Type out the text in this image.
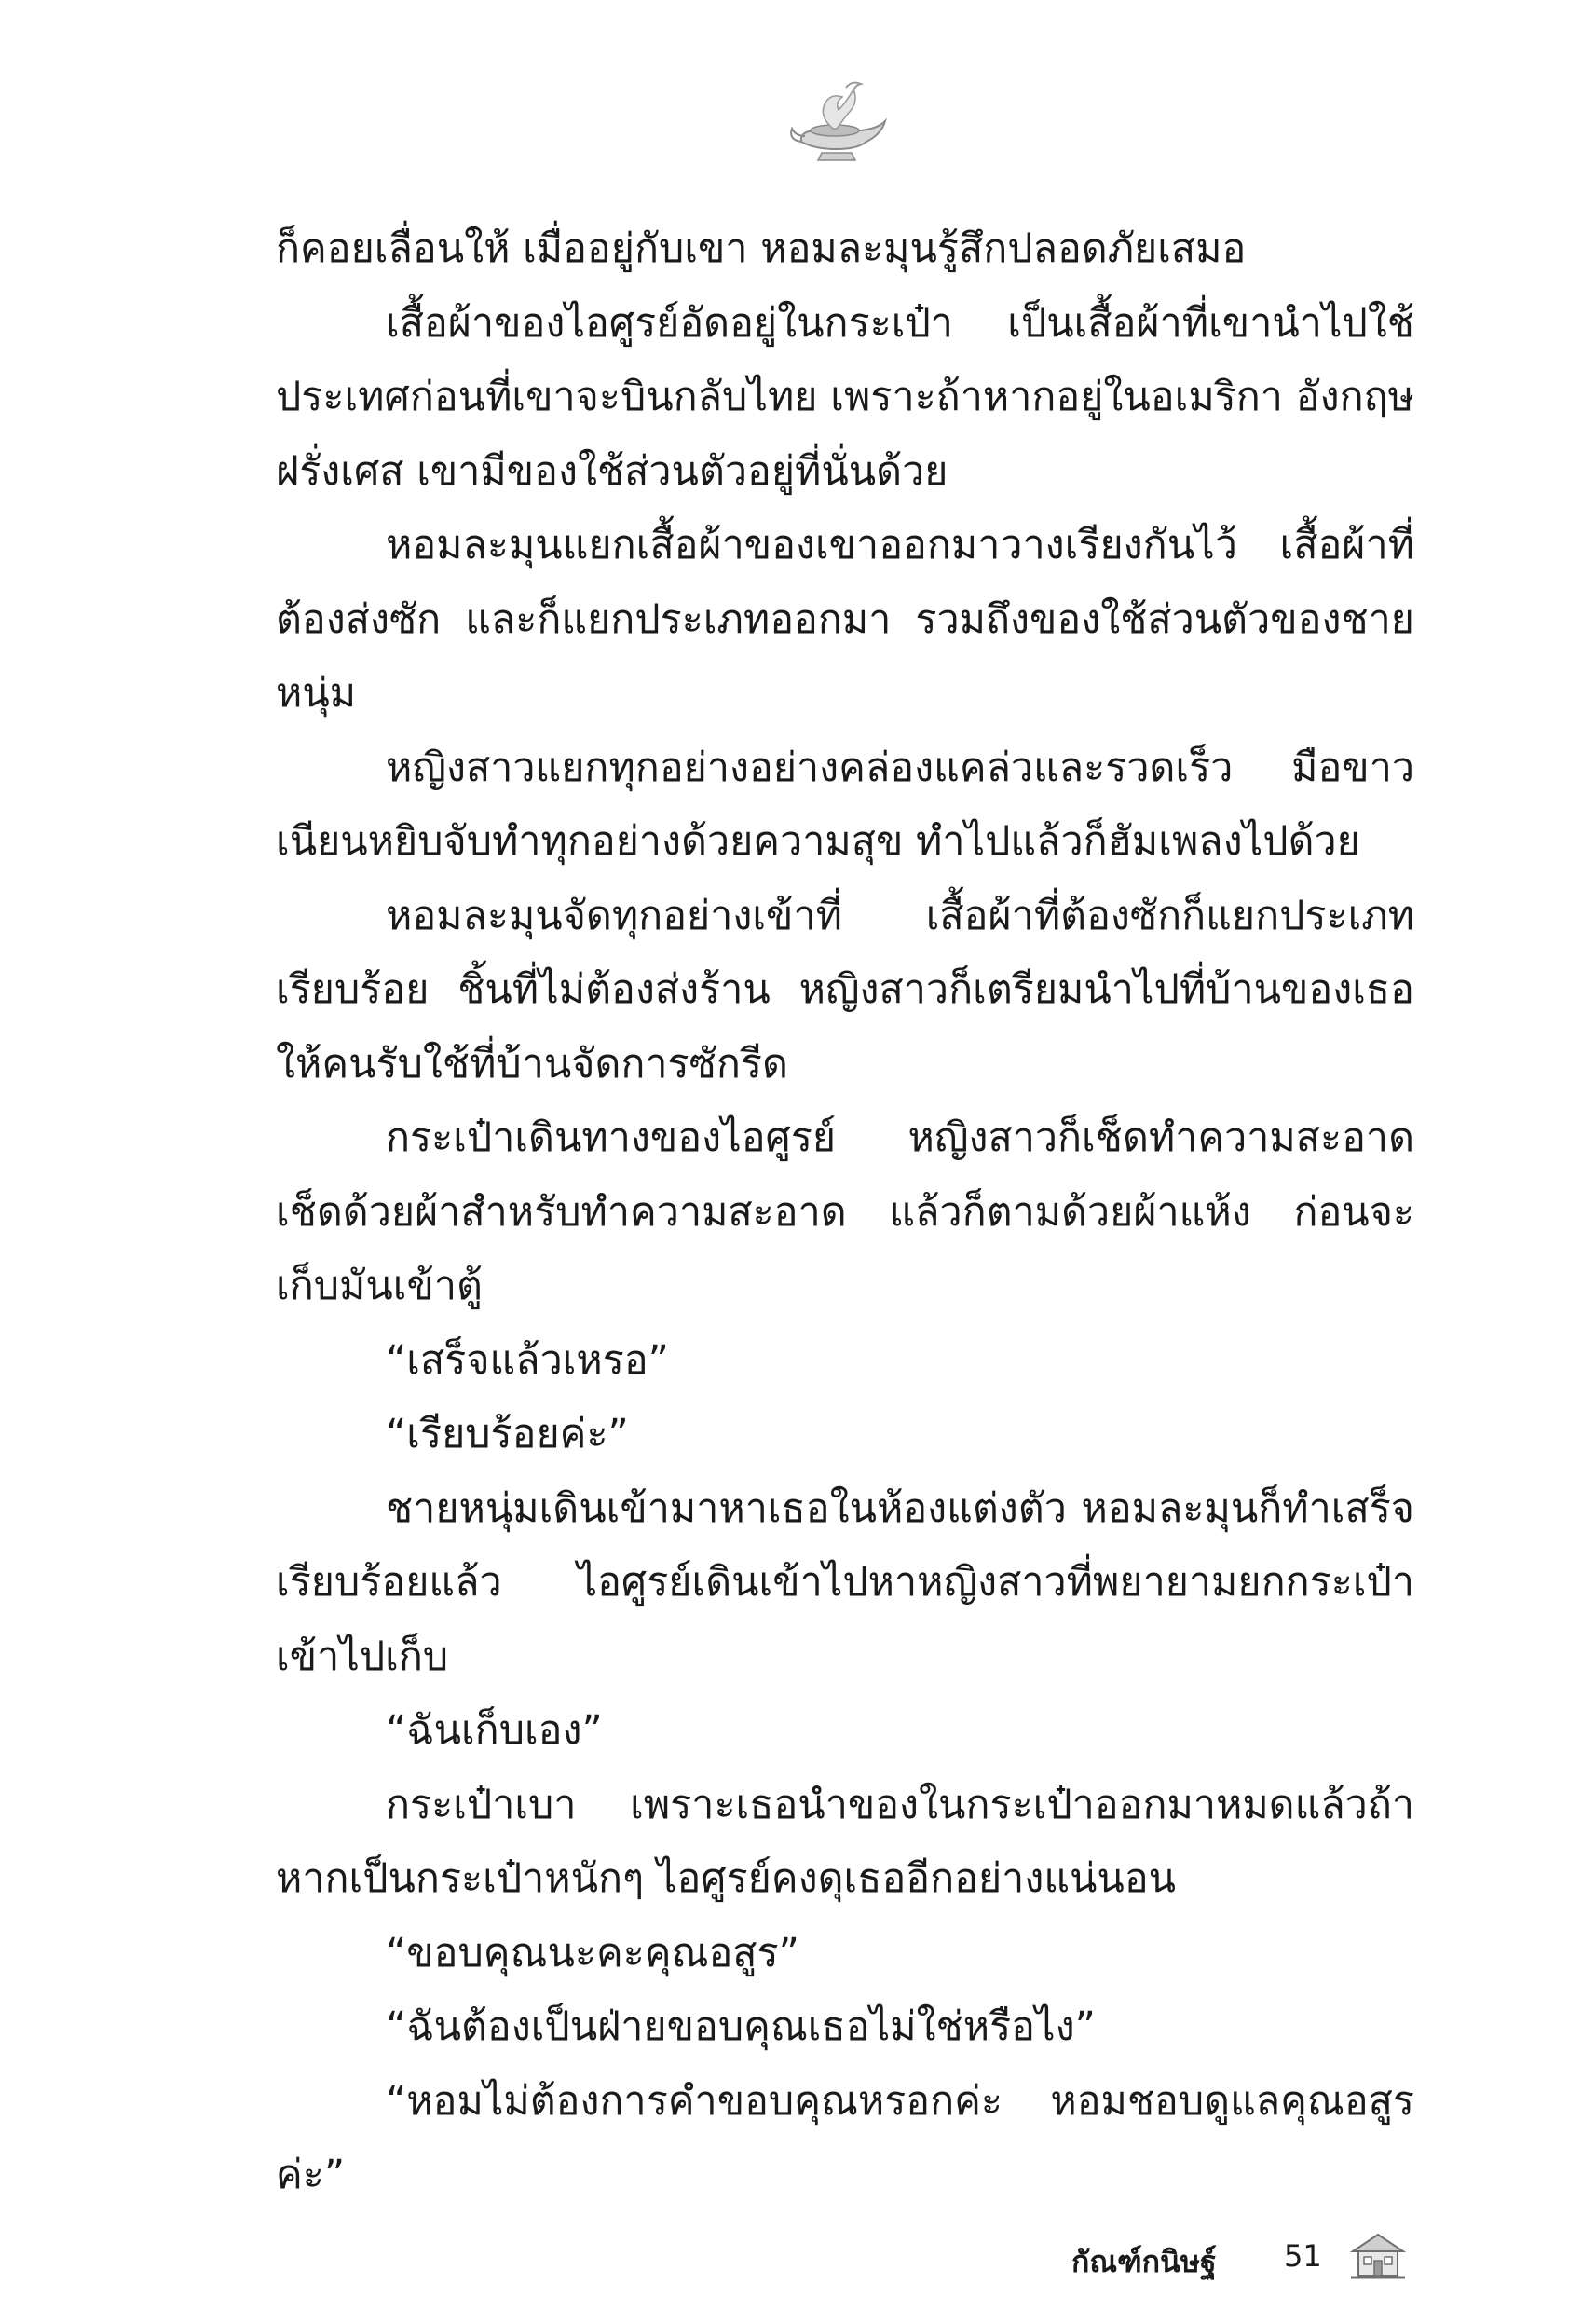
ก็คอยเลื่อนให้ เมื่ออยู่กับเขา หอมละมุนรู้สึกปลอดภัยเสมอ

เสื้อผ้าของไอศูรย์อัดอยู่ในกระเป๋า เป็นเสื้อผ้าที่เขานำไปใช้ประเทศก่อนที่เขาจะบินกลับไทย เพราะถ้าหากอยู่ในอเมริกา อังกฤษฝรั่งเศส เขามีของใช้ส่วนตัวอยู่ที่นั่นด้วย

หอมละมุนแยกเสื้อผ้าของเขาออกมาวางเรียงกันไว้ เสื้อผ้าที่ต้องส่งซัก และก็แยกประเภทออกมา รวมถึงของใช้ส่วนตัวของชายหนุ่ม

หญิงสาวแยกทุกอย่างอย่างคล่องแคล่วและรวดเร็ว มือขาวเนียนหยิบจับทำทุกอย่างด้วยความสุข ทำไปแล้วก็ฮัมเพลงไปด้วย

หอมละมุนจัดทุกอย่างเข้าที่ เสื้อผ้าที่ต้องซักก็แยกประเภทเรียบร้อย ชิ้นที่ไม่ต้องส่งร้าน หญิงสาวก็เตรียมนำไปที่บ้านของเธอให้คนรับใช้ที่บ้านจัดการซักรีด

กระเป๋าเดินทางของไอศูรย์ หญิงสาวก็เช็ดทำความสะอาดเช็ดด้วยผ้าสำหรับทำความสะอาด แล้วก็ตามด้วยผ้าแห้ง ก่อนจะเก็บมันเข้าตู้

“เสร็จแล้วเหรอ”

“เรียบร้อยค่ะ”

ชายหนุ่มเดินเข้ามาหาเธอในห้องแต่งตัว หอมละมุนก็ทำเสร็จเรียบร้อยแล้ว ไอศูรย์เดินเข้าไปหาหญิงสาวที่พยายามยกกระเป๋าเข้าไปเก็บ

“ฉันเก็บเอง”

กระเป๋าเบา เพราะเธอนำของในกระเป๋าออกมาหมดแล้วถ้าหากเป็นกระเป๋าหนักๆ ไอศูรย์คงดุเธออีกอย่างแน่นอน

“ขอบคุณนะคะคุณอสูร”

“ฉันต้องเป็นฝ่ายขอบคุณเธอไม่ใช่หรือไง”

“หอมไม่ต้องการคำขอบคุณหรอกค่ะ หอมชอบดูแลคุณอสูรค่ะ”

กัณฑ์กนิษฐ์ 51
